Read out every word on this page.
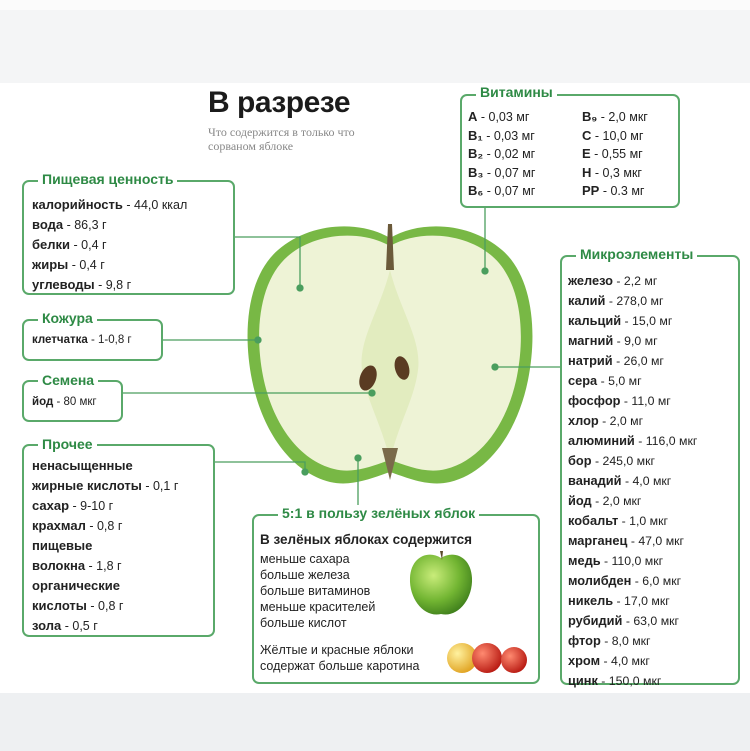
В разрезе
Что содержится в только что
сорваном яблоке
Пищевая ценность
калорийность - 44,0 ккал
вода - 86,3 г
белки - 0,4 г
жиры - 0,4 г
углеводы - 9,8 г
Кожура
клетчатка - 1-0,8 г
Семена
йод - 80 мкг
Прочее
ненасыщенные
жирные кислоты - 0,1 г
сахар - 9-10 г
крахмал - 0,8 г
пищевые
волокна - 1,8 г
органические
кислоты - 0,8 г
зола - 0,5 г
Витамины
А - 0,03 мг
В₁ - 0,03 мг
В₂ - 0,02 мг
В₃ - 0,07 мг
В₆ - 0,07 мг
В₉ - 2,0 мкг
С - 10,0 мг
Е - 0,55 мг
Н - 0,3 мкг
РР - 0.3 мг
Микроэлементы
железо - 2,2 мг
калий - 278,0 мг
кальций - 15,0 мг
магний - 9,0 мг
натрий - 26,0 мг
сера - 5,0 мг
фосфор - 11,0 мг
хлор - 2,0 мг
алюминий - 116,0 мкг
бор - 245,0 мкг
ванадий - 4,0 мкг
йод - 2,0 мкг
кобальт - 1,0 мкг
марганец - 47,0 мкг
медь - 110,0 мкг
молибден - 6,0 мкг
никель - 17,0 мкг
рубидий - 63,0 мкг
фтор - 8,0 мкг
хром - 4,0 мкг
цинк - 150,0 мкг
5:1 в пользу зелёных яблок
В зелёных яблоках содержится
меньше сахара
больше железа
больше витаминов
меньше красителей
больше кислот
Жёлтые и красные яблоки
содержат больше каротина
